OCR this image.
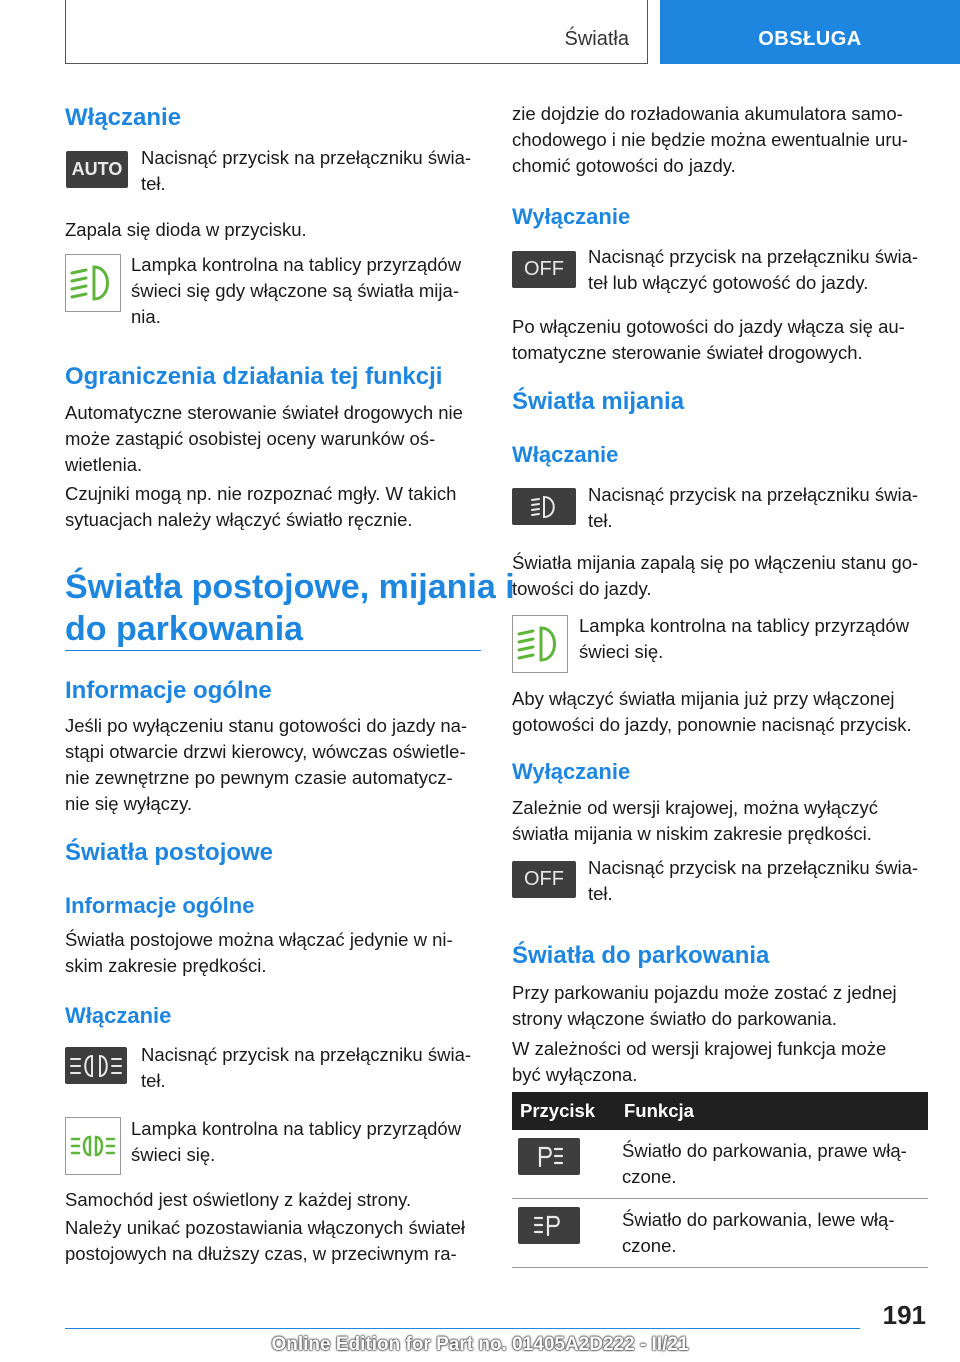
Światła	OBSŁUGA
Włączanie
AUTO

Nacisnąć przycisk na przełączniku świa-
teł.

Zapala się dioda w przycisku.

Lampka kontrolna na tablicy przyrządów
świeci się gdy włączone są światła mija-
nia.

Ograniczenia działania tej funkcji

Automatyczne sterowanie świateł drogowych nie
może zastąpić osobistej oceny warunków oś-
wietlenia.

Czujniki mogą np. nie rozpoznać mgły. W takich
sytuacjach należy włączyć światło ręcznie.

Światła postojowe, mijania i
do parkowania
Informacje ogólne

Jeśli po wyłączeniu stanu gotowości do jazdy na-
stąpi otwarcie drzwi kierowcy, wówczas oświetle-
nie zewnętrzne po pewnym czasie automatycz-
nie się wyłączy.

Światła postojowe
Informacje ogólne

Światła postojowe można włączać jedynie w ni-
skim zakresie prędkości.

Włączanie

Nacisnąć przycisk na przełączniku świa-
teł.

Lampka kontrolna na tablicy przyrządów
świeci się.

Samochód jest oświetlony z każdej strony.

Należy unikać pozostawiania włączonych świateł
postojowych na dłuższy czas, w przeciwnym ra-

zie dojdzie do rozładowania akumulatora samo-
chodowego i nie będzie można ewentualnie uru-
chomić gotowości do jazdy.

Wyłączanie
OFF

Nacisnąć przycisk na przełączniku świa-
teł lub włączyć gotowość do jazdy.

Po włączeniu gotowości do jazdy włącza się au-
tomatyczne sterowanie świateł drogowych.

Światła mijania
Włączanie

Nacisnąć przycisk na przełączniku świa-
teł.

Światła mijania zapalą się po włączeniu stanu go-
towości do jazdy.

Lampka kontrolna na tablicy przyrządów
świeci się.

Aby włączyć światła mijania już przy włączonej
gotowości do jazdy, ponownie nacisnąć przycisk.

Wyłączanie

Zależnie od wersji krajowej, można wyłączyć
światła mijania w niskim zakresie prędkości.

OFF

Nacisnąć przycisk na przełączniku świa-
teł.

Światła do parkowania

Przy parkowaniu pojazdu może zostać z jednej
strony włączone światło do parkowania.

W zależności od wersji krajowej funkcja może
być wyłączona.

Przycisk	Funkcja

	Światło do parkowania, prawe włą-
czone.

	Światło do parkowania, lewe włą-
czone.
191
Online Edition for Part no. 01405A2D222 - II/21
